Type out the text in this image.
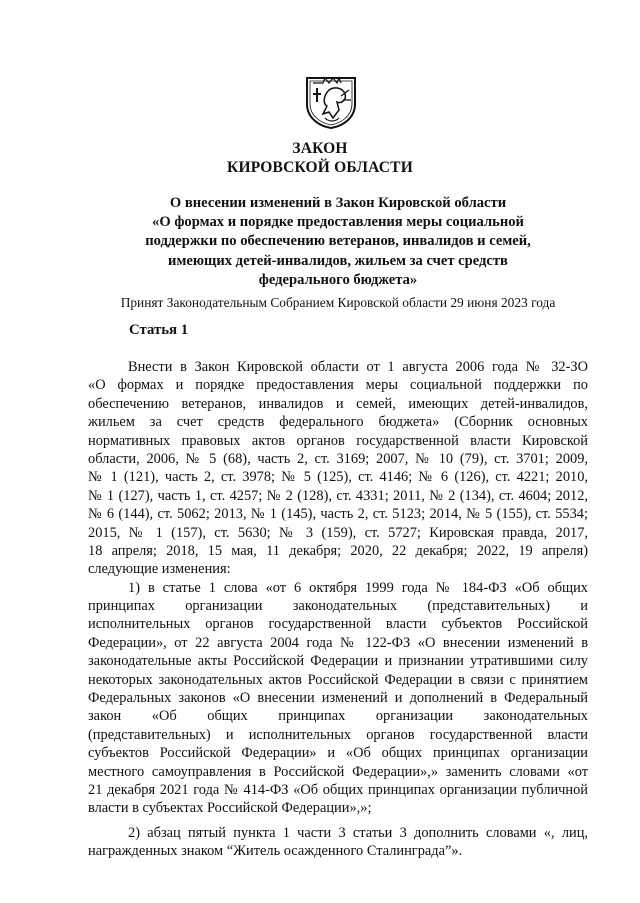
ЗАКОН
КИРОВСКОЙ ОБЛАСТИ
О внесении изменений в Закон Кировской области
«О формах и порядке предоставления меры социальной
поддержки по обеспечению ветеранов, инвалидов и семей,
имеющих детей-инвалидов, жильем за счет средств
федерального бюджета»
Принят Законодательным Собранием Кировской области 29 июня 2023 года
Статья 1
Внести в Закон Кировской области от 1 августа 2006 года № 32-ЗО
«О формах и порядке предоставления меры социальной поддержки по
обеспечению ветеранов, инвалидов и семей, имеющих детей-инвалидов,
жильем за счет средств федерального бюджета» (Сборник основных
нормативных правовых актов органов государственной власти Кировской
области, 2006, № 5 (68), часть 2, ст. 3169; 2007, № 10 (79), ст. 3701; 2009,
№ 1 (121), часть 2, ст. 3978; № 5 (125), ст. 4146; № 6 (126), ст. 4221; 2010,
№ 1 (127), часть 1, ст. 4257; № 2 (128), ст. 4331; 2011, № 2 (134), ст. 4604; 2012,
№ 6 (144), ст. 5062; 2013, № 1 (145), часть 2, ст. 5123; 2014, № 5 (155), ст. 5534;
2015, № 1 (157), ст. 5630; № 3 (159), ст. 5727; Кировская правда, 2017,
18 апреля; 2018, 15 мая, 11 декабря; 2020, 22 декабря; 2022, 19 апреля)
следующие изменения:
1) в статье 1 слова «от 6 октября 1999 года № 184-ФЗ «Об общих
принципах организации законодательных (представительных) и
исполнительных органов государственной власти субъектов Российской
Федерации», от 22 августа 2004 года № 122-ФЗ «О внесении изменений в
законодательные акты Российской Федерации и признании утратившими силу
некоторых законодательных актов Российской Федерации в связи с принятием
Федеральных законов «О внесении изменений и дополнений в Федеральный
закон «Об общих принципах организации законодательных
(представительных) и исполнительных органов государственной власти
субъектов Российской Федерации» и «Об общих принципах организации
местного самоуправления в Российской Федерации»,» заменить словами «от
21 декабря 2021 года № 414-ФЗ «Об общих принципах организации публичной
власти в субъектах Российской Федерации»,»;
2) абзац пятый пункта 1 части 3 статьи 3 дополнить словами «, лиц,
награжденных знаком “Житель осажденного Сталинграда”».
